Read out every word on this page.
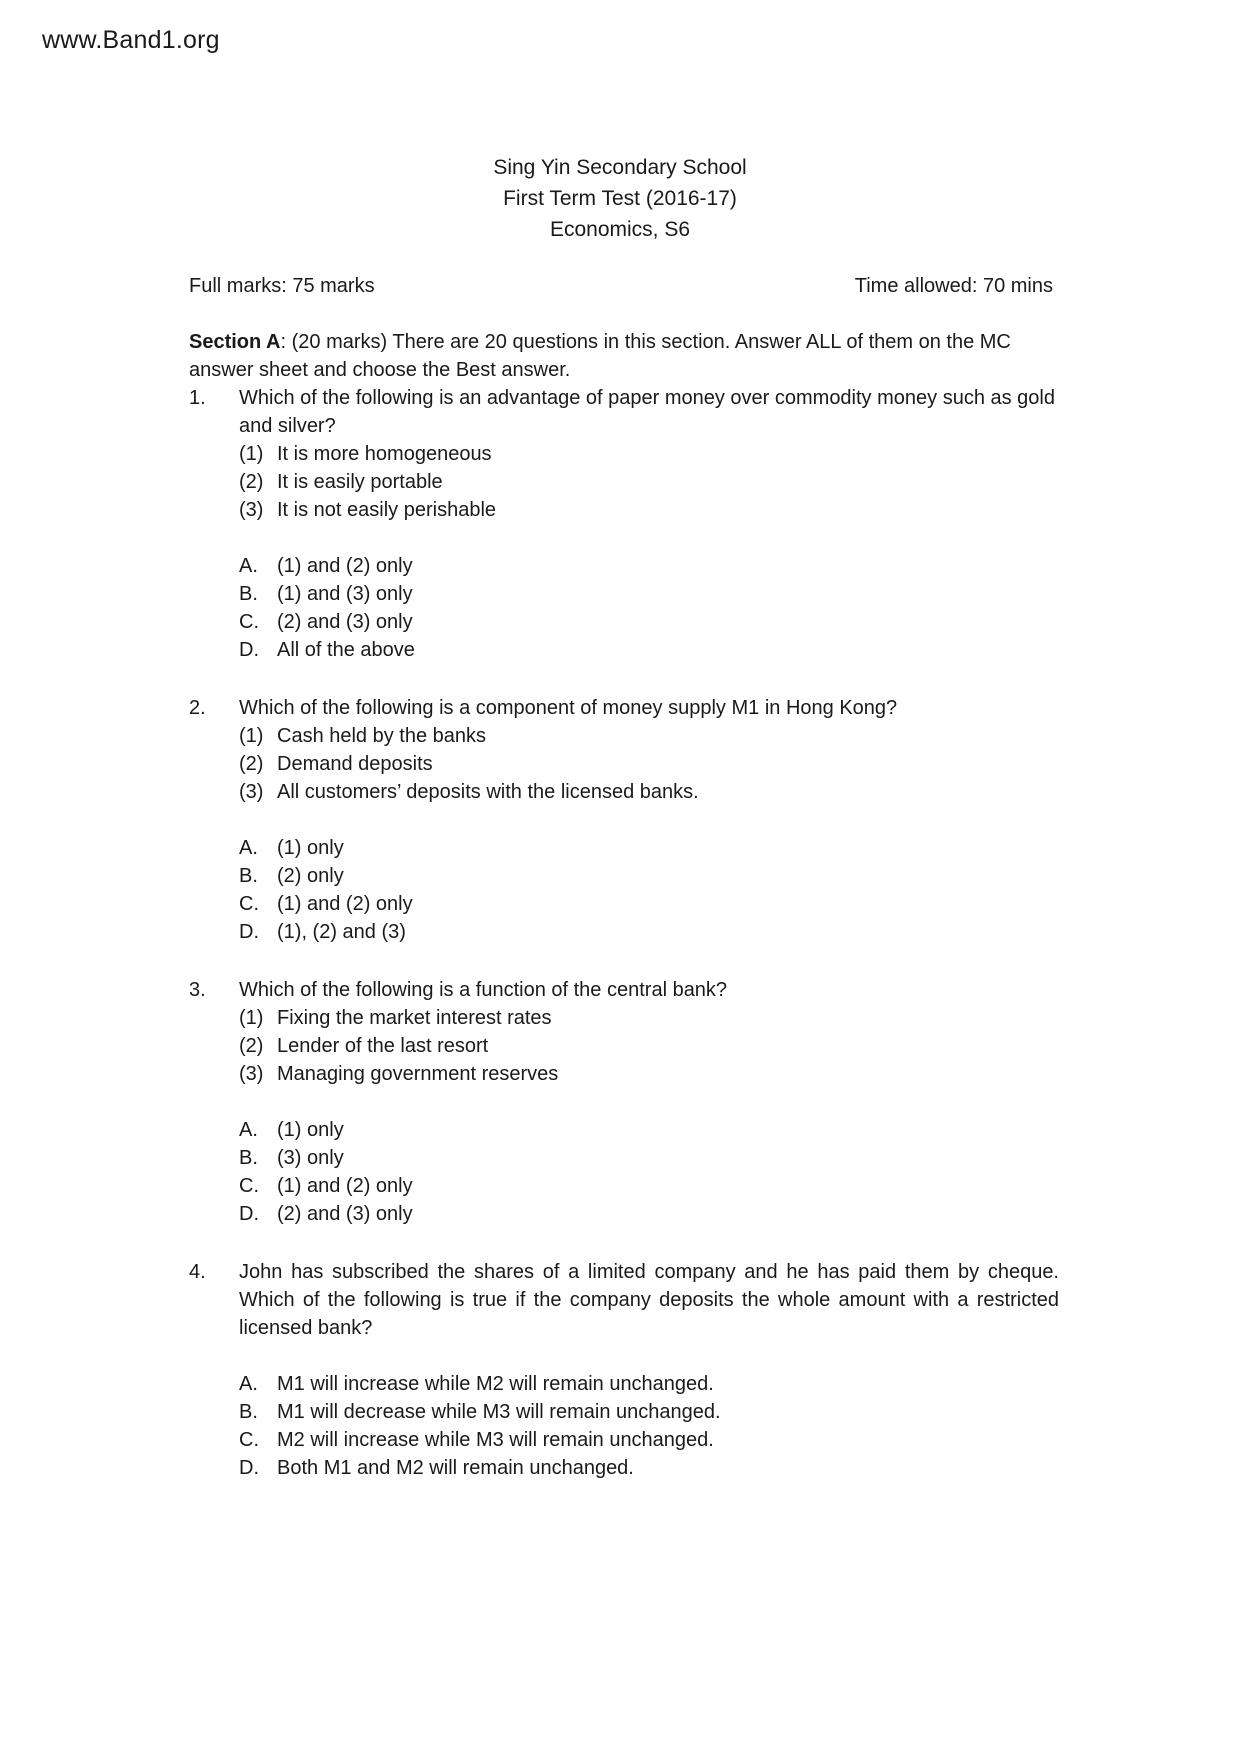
www.Band1.org
Sing Yin Secondary School
First Term Test (2016-17)
Economics, S6
Full marks: 75 marks	Time allowed: 70 mins
Section A: (20 marks) There are 20 questions in this section. Answer ALL of them on the MC answer sheet and choose the Best answer.
1.	Which of the following is an advantage of paper money over commodity money such as gold and silver?
(1) It is more homogeneous
(2) It is easily portable
(3) It is not easily perishable
A. (1) and (2) only
B. (1) and (3) only
C. (2) and (3) only
D. All of the above
2.	Which of the following is a component of money supply M1 in Hong Kong?
(1) Cash held by the banks
(2) Demand deposits
(3) All customers’ deposits with the licensed banks.
A. (1) only
B. (2) only
C. (1) and (2) only
D. (1), (2) and (3)
3.	Which of the following is a function of the central bank?
(1) Fixing the market interest rates
(2) Lender of the last resort
(3) Managing government reserves
A. (1) only
B. (3) only
C. (1) and (2) only
D. (2) and (3) only
4.	John has subscribed the shares of a limited company and he has paid them by cheque. Which of the following is true if the company deposits the whole amount with a restricted licensed bank?
A. M1 will increase while M2 will remain unchanged.
B. M1 will decrease while M3 will remain unchanged.
C. M2 will increase while M3 will remain unchanged.
D. Both M1 and M2 will remain unchanged.
